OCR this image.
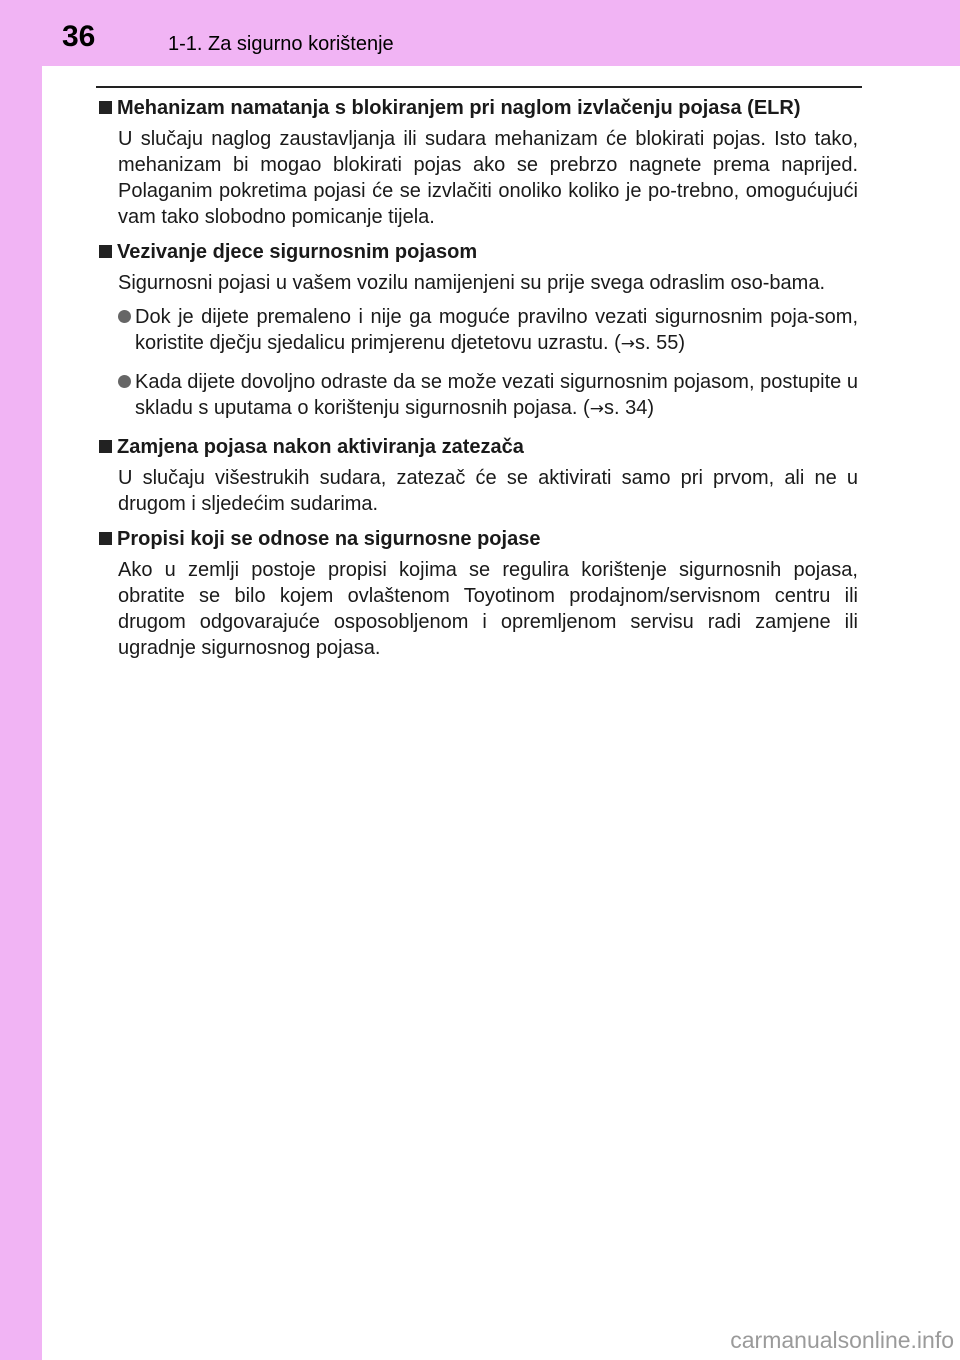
36	1-1. Za sigurno korištenje
Mehanizam namatanja s blokiranjem pri naglom izvlačenju pojasa (ELR)
U slučaju naglog zaustavljanja ili sudara mehanizam će blokirati pojas. Isto tako, mehanizam bi mogao blokirati pojas ako se prebrzo nagnete prema naprijed. Polaganim pokretima pojasi će se izvlačiti onoliko koliko je po-trebno, omogućujući vam tako slobodno pomicanje tijela.
Vezivanje djece sigurnosnim pojasom
Sigurnosni pojasi u vašem vozilu namijenjeni su prije svega odraslim oso-bama.
Dok je dijete premaleno i nije ga moguće pravilno vezati sigurnosnim poja-som, koristite dječju sjedalicu primjerenu djetetovu uzrastu. (→s. 55)
Kada dijete dovoljno odraste da se može vezati sigurnosnim pojasom, postupite u skladu s uputama o korištenju sigurnosnih pojasa. (→s. 34)
Zamjena pojasa nakon aktiviranja zatezača
U slučaju višestrukih sudara, zatezač će se aktivirati samo pri prvom, ali ne u drugom i sljedećim sudarima.
Propisi koji se odnose na sigurnosne pojase
Ako u zemlji postoje propisi kojima se regulira korištenje sigurnosnih pojasa, obratite se bilo kojem ovlaštenom Toyotinom prodajnom/servisnom centru ili drugom odgovarajuće osposobljenom i opremljenom servisu radi zamjene ili ugradnje sigurnosnog pojasa.
carmanualsonline.info
